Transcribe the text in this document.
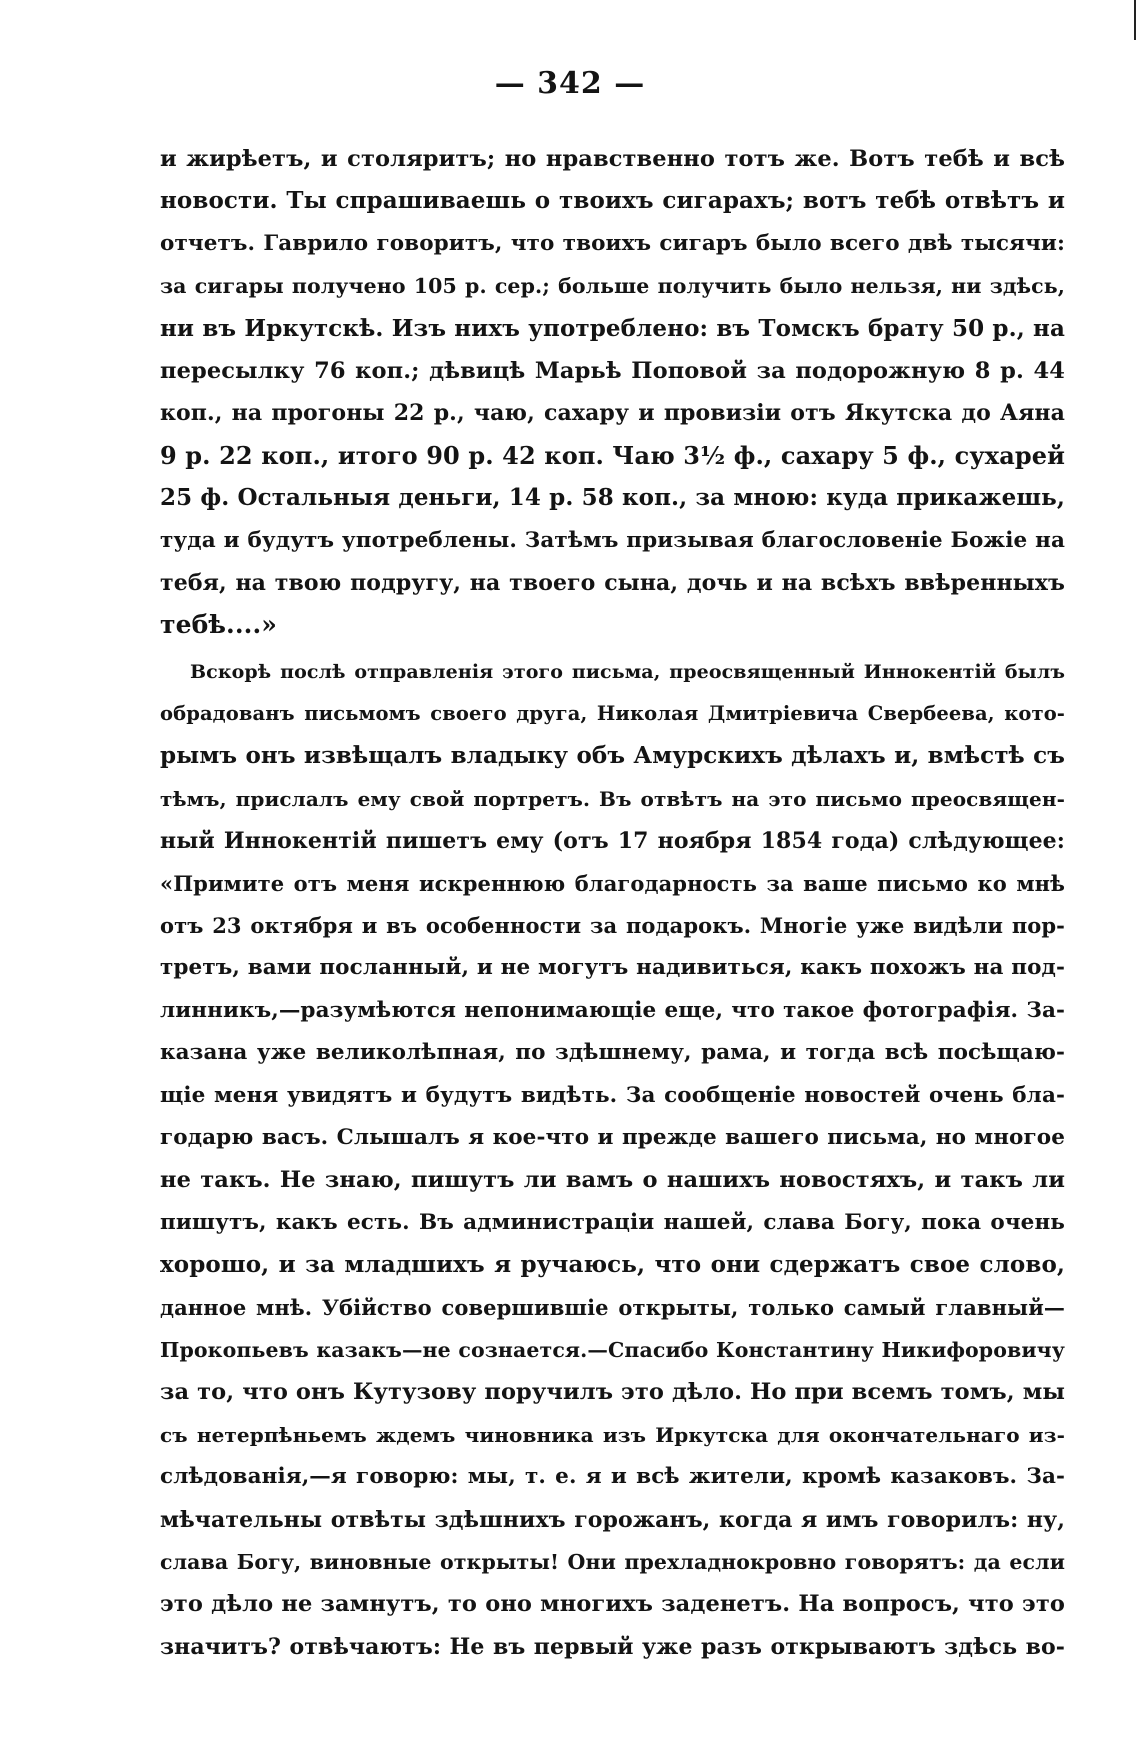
— 342 —
и жирѣетъ, и столяритъ; но нравственно тотъ же. Вотъ тебѣ и всѣ
новости. Ты спрашиваешь о твоихъ сигарахъ; вотъ тебѣ отвѣтъ и
отчетъ. Гаврило говоритъ, что твоихъ сигаръ было всего двѣ тысячи:
за сигары получено 105 р. сер.; больше получить было нельзя, ни здѣсь,
ни въ Иркутскѣ. Изъ нихъ употреблено: въ Томскъ брату 50 р., на
пересылку 76 коп.; дѣвицѣ Марьѣ Поповой за подорожную 8 р. 44
коп., на прогоны 22 р., чаю, сахару и провизіи отъ Якутска до Аяна
9 р. 22 коп., итого 90 р. 42 коп. Чаю 3½ ф., сахару 5 ф., сухарей
25 ф. Остальныя деньги, 14 р. 58 коп., за мною: куда прикажешь,
туда и будутъ употреблены. Затѣмъ призывая благословеніе Божіе на
тебя, на твою подругу, на твоего сына, дочь и на всѣхъ ввѣренныхъ
тебѣ....»
Вскорѣ послѣ отправленія этого письма, преосвященный Иннокентій былъ
обрадованъ письмомъ своего друга, Николая Дмитріевича Свербеева, кото-
рымъ онъ извѣщалъ владыку объ Амурскихъ дѣлахъ и, вмѣстѣ съ
тѣмъ, прислалъ ему свой портретъ. Въ отвѣтъ на это письмо преосвящен-
ный Иннокентій пишетъ ему (отъ 17 ноября 1854 года) слѣдующее:
«Примите отъ меня искреннюю благодарность за ваше письмо ко мнѣ
отъ 23 октября и въ особенности за подарокъ. Многіе уже видѣли пор-
третъ, вами посланный, и не могутъ надивиться, какъ похожъ на под-
линникъ,—разумѣются непонимающіе еще, что такое фотографія. За-
казана уже великолѣпная, по здѣшнему, рама, и тогда всѣ посѣщаю-
щіе меня увидятъ и будутъ видѣть. За сообщеніе новостей очень бла-
годарю васъ. Слышалъ я кое-что и прежде вашего письма, но многое
не такъ. Не знаю, пишутъ ли вамъ о нашихъ новостяхъ, и такъ ли
пишутъ, какъ есть. Въ администраціи нашей, слава Богу, пока очень
хорошо, и за младшихъ я ручаюсь, что они сдержатъ свое слово,
данное мнѣ. Убійство совершившіе открыты, только самый главный—
Прокопьевъ казакъ—не сознается.—Спасибо Константину Никифоровичу
за то, что онъ Кутузову поручилъ это дѣло. Но при всемъ томъ, мы
съ нетерпѣньемъ ждемъ чиновника изъ Иркутска для окончательнаго из-
слѣдованія,—я говорю: мы, т. е. я и всѣ жители, кромѣ казаковъ. За-
мѣчательны отвѣты здѣшнихъ горожанъ, когда я имъ говорилъ: ну,
слава Богу, виновные открыты! Они прехладнокровно говорятъ: да если
это дѣло не замнутъ, то оно многихъ заденетъ. На вопросъ, что это
значитъ? отвѣчаютъ: Не въ первый уже разъ открываютъ здѣсь во-
